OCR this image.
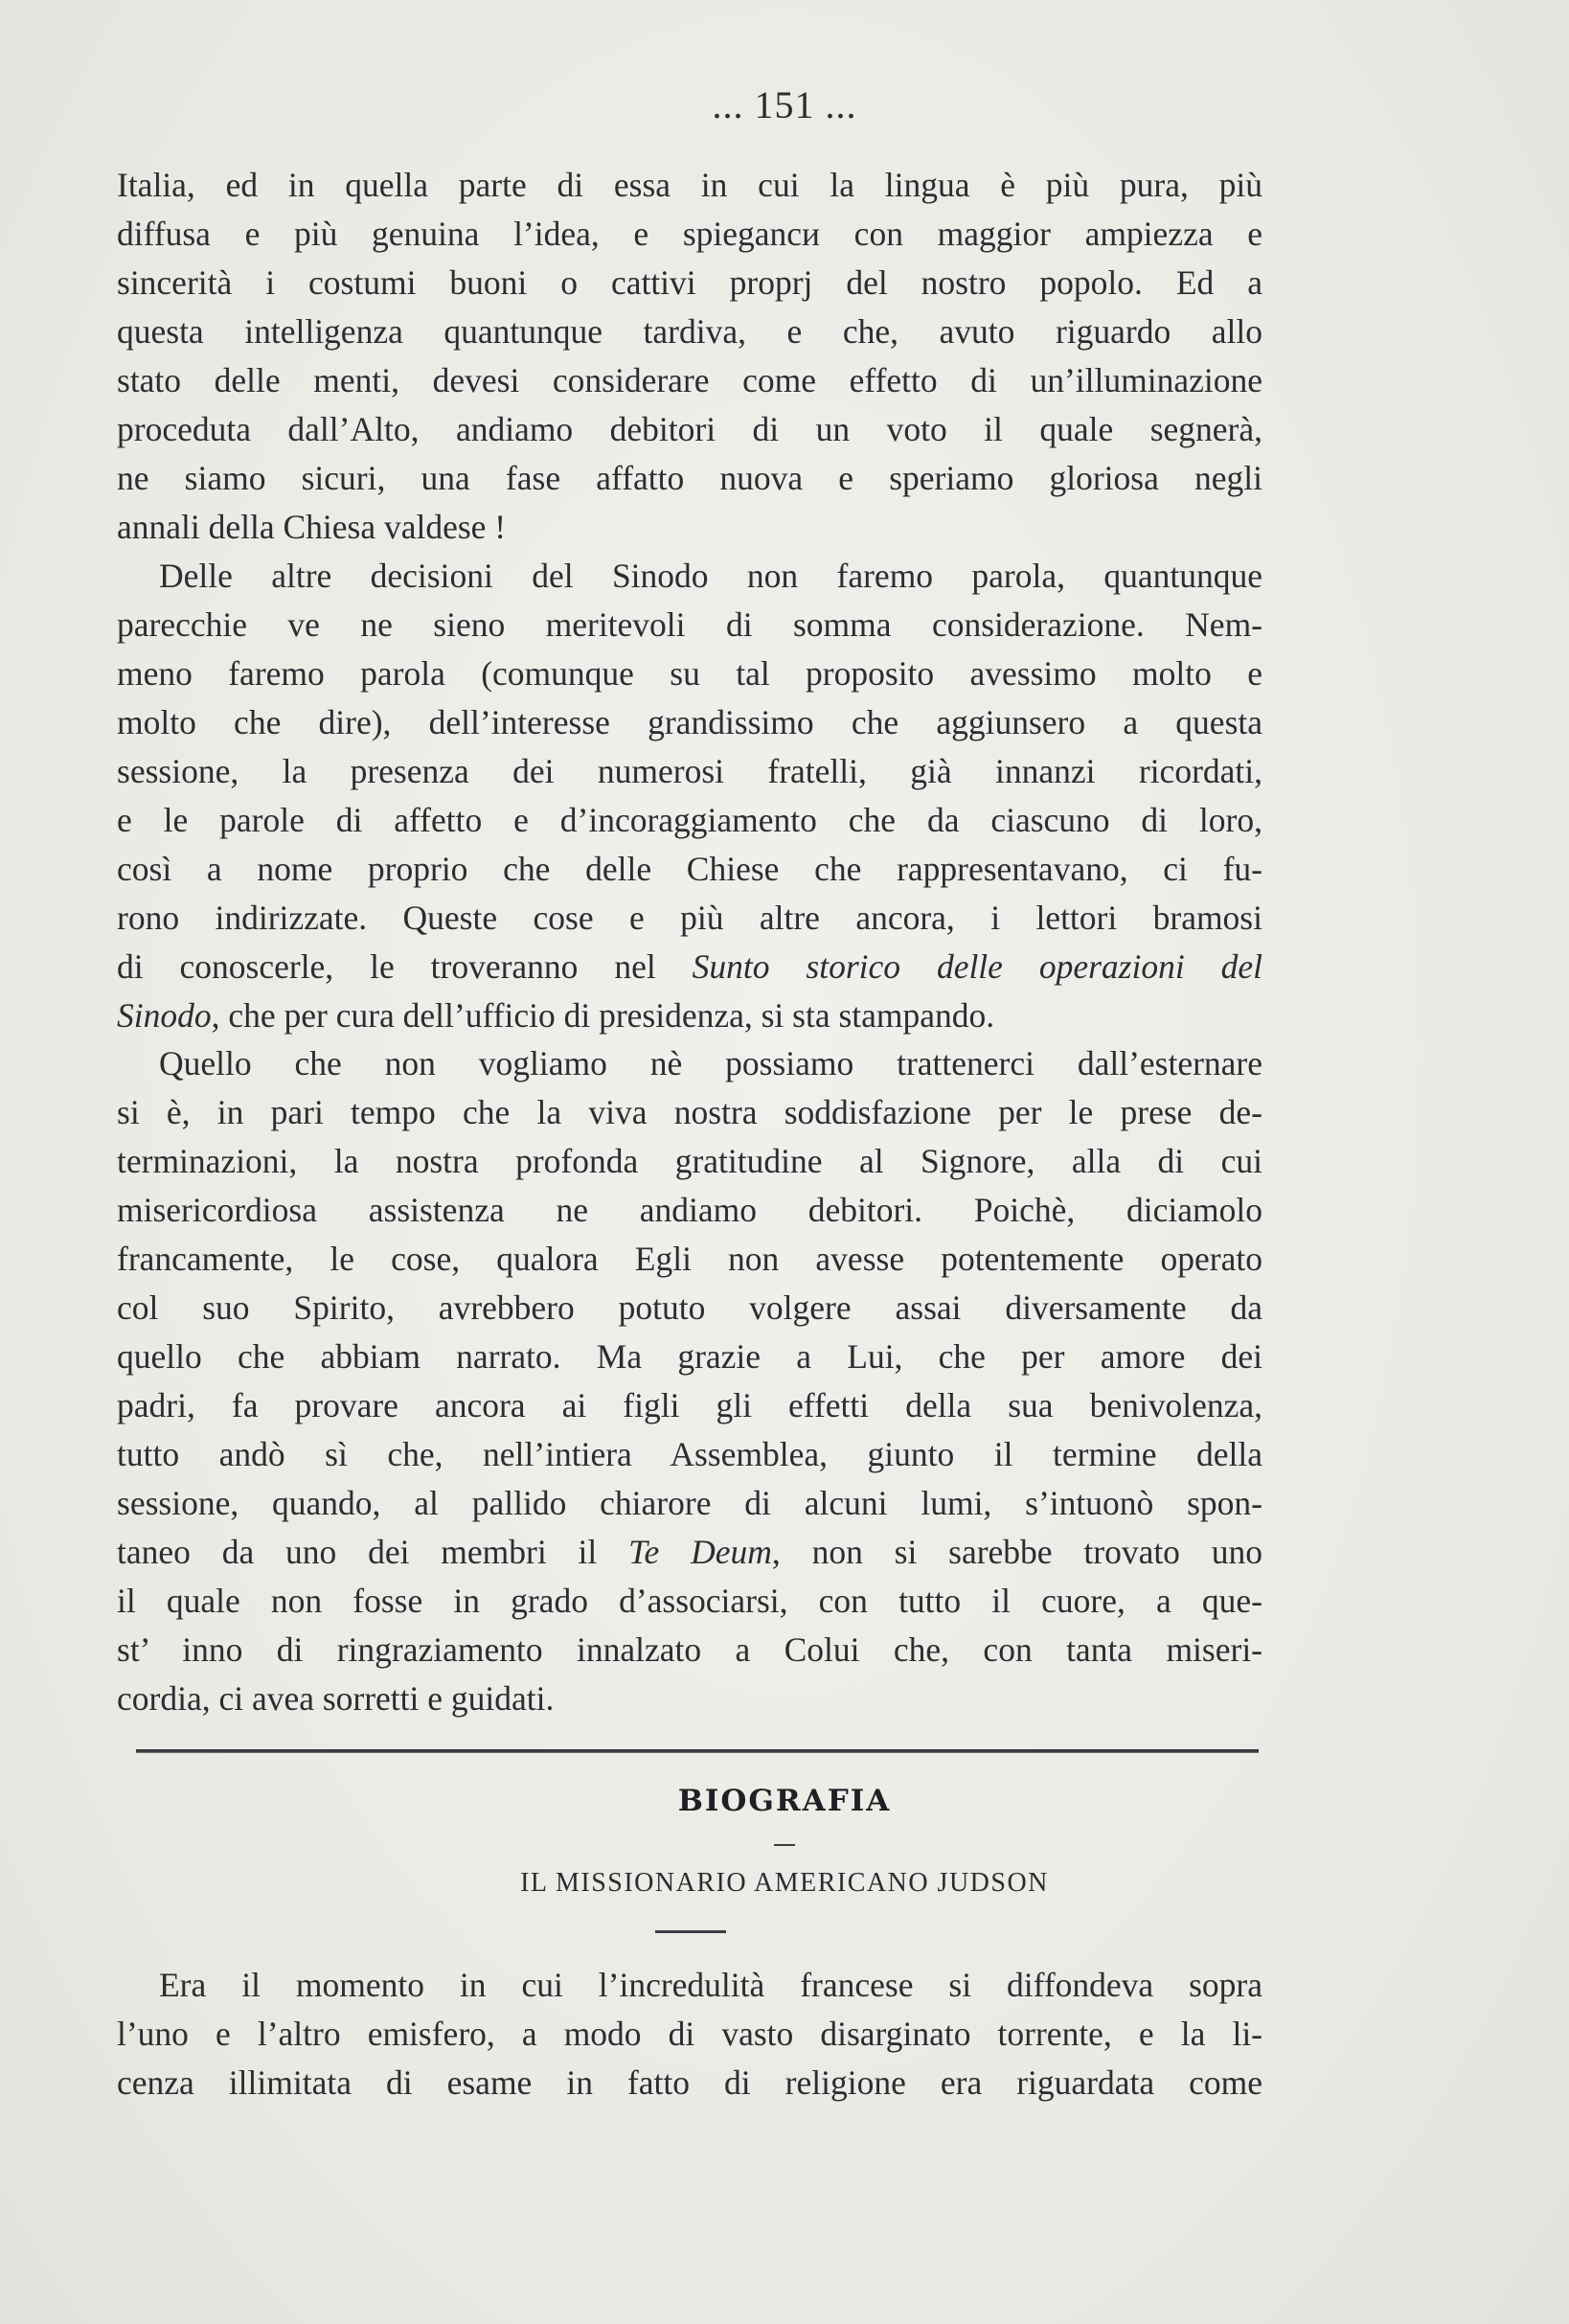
... 151 ...
Italia, ed in quella parte di essa in cui la lingua è più pura, più
diffusa e più genuina l’idea, e spieganси con maggior ampiezza e
sincerità i costumi buoni o cattivi proprj del nostro popolo. Ed a
questa intelligenza quantunque tardiva, e che, avuto riguardo allo
stato delle menti, devesi considerare come effetto di un’illuminazione
proceduta dall’Alto, andiamo debitori di un voto il quale segnerà,
ne siamo sicuri, una fase affatto nuova e speriamo gloriosa negli
annali della Chiesa valdese !
Delle altre decisioni del Sinodo non faremo parola, quantunque
parecchie ve ne sieno meritevoli di somma considerazione. Nem-
meno faremo parola (comunque su tal proposito avessimo molto e
molto che dire), dell’interesse grandissimo che aggiunsero a questa
sessione, la presenza dei numerosi fratelli, già innanzi ricordati,
e le parole di affetto e d’incoraggiamento che da ciascuno di loro,
così a nome proprio che delle Chiese che rappresentavano, ci fu-
rono indirizzate. Queste cose e più altre ancora, i lettori bramosi
di conoscerle, le troveranno nel Sunto storico delle operazioni del
Sinodo, che per cura dell’ufficio di presidenza, si sta stampando.
Quello che non vogliamo nè possiamo trattenerci dall’esternare
si è, in pari tempo che la viva nostra soddisfazione per le prese de-
terminazioni, la nostra profonda gratitudine al Signore, alla di cui
misericordiosa assistenza ne andiamo debitori. Poichè, diciamolo
francamente, le cose, qualora Egli non avesse potentemente operato
col suo Spirito, avrebbero potuto volgere assai diversamente da
quello che abbiam narrato. Ma grazie a Lui, che per amore dei
padri, fa provare ancora ai figli gli effetti della sua benivolenza,
tutto andò sì che, nell’intiera Assemblea, giunto il termine della
sessione, quando, al pallido chiarore di alcuni lumi, s’intuonò spon-
taneo da uno dei membri il Te Deum, non si sarebbe trovato uno
il quale non fosse in grado d’associarsi, con tutto il cuore, a que-
st’ inno di ringraziamento innalzato a Colui che, con tanta miseri-
cordia, ci avea sorretti e guidati.
BIOGRAFIA
IL MISSIONARIO AMERICANO JUDSON
Era il momento in cui l’incredulità francese si diffondeva sopra
l’uno e l’altro emisfero, a modo di vasto disarginato torrente, e la li-
cenza illimitata di esame in fatto di religione era riguardata come
